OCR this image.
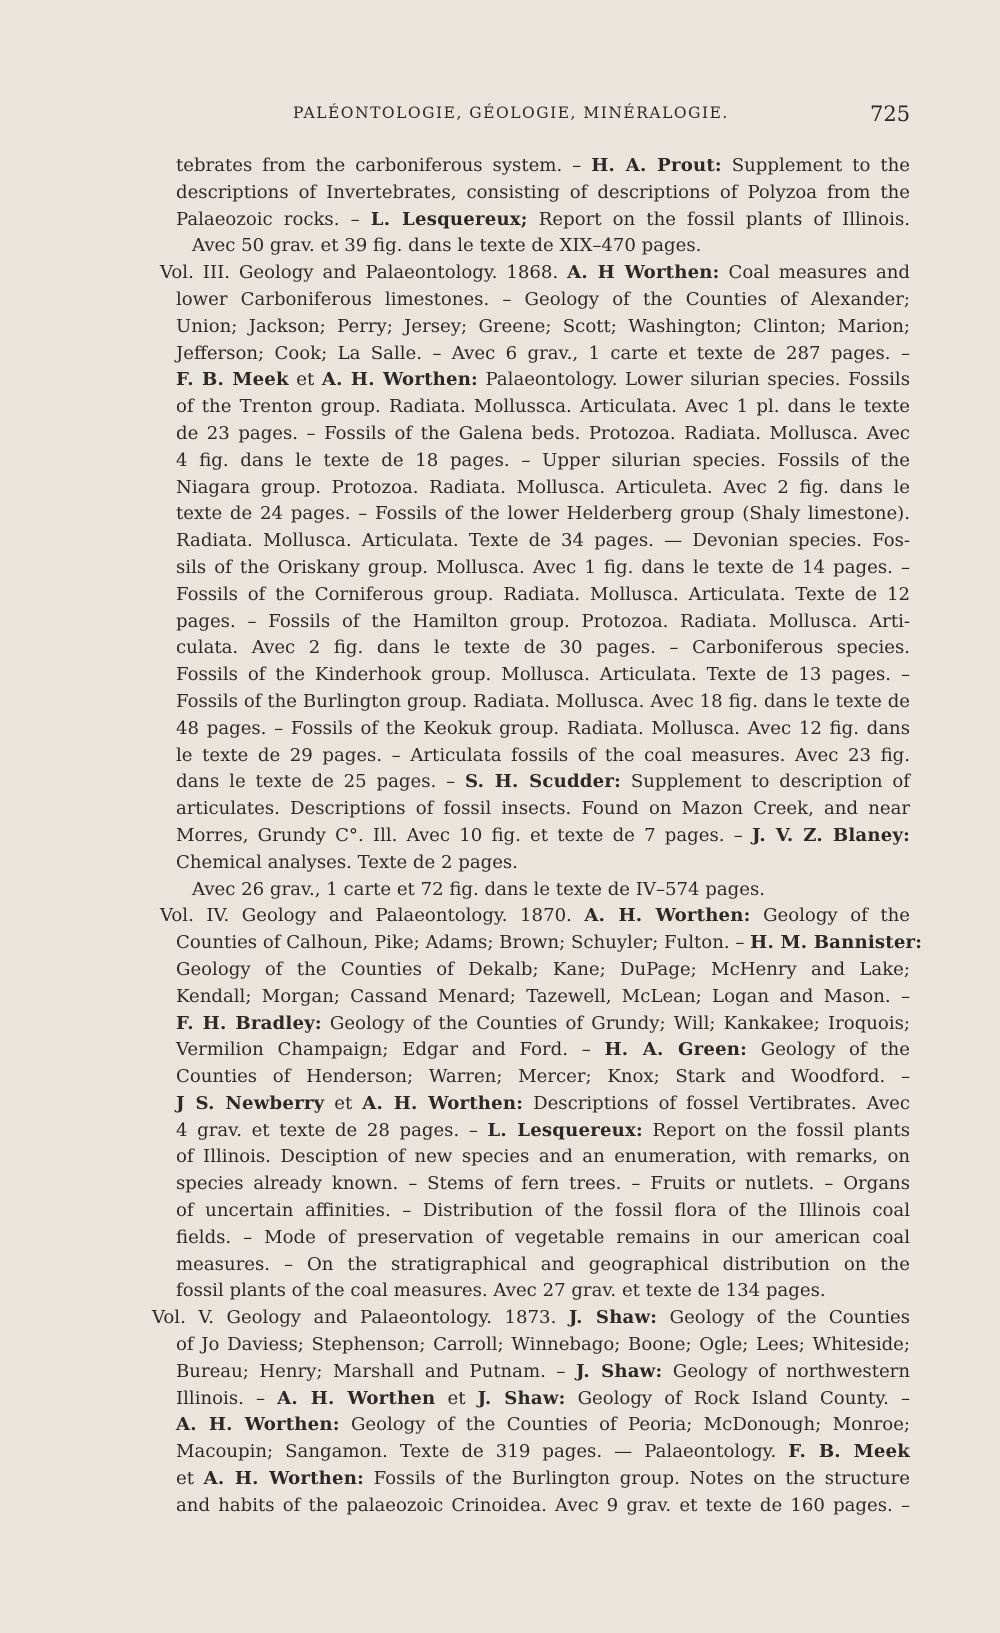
PALÉONTOLOGIE, GÉOLOGIE, MINÉRALOGIE.	725
tebrates from the carboniferous system. – H. A. Prout: Supplement to the
descriptions of Invertebrates, consisting of descriptions of Polyzoa from the
Palaeozoic rocks. – L. Lesquereux; Report on the fossil plants of Illinois.
Avec 50 grav. et 39 fig. dans le texte de XIX–470 pages.
Vol. III. Geology and Palaeontology. 1868. A. H Worthen: Coal measures and
lower Carboniferous limestones. – Geology of the Counties of Alexander;
Union; Jackson; Perry; Jersey; Greene; Scott; Washington; Clinton; Marion;
Jefferson; Cook; La Salle. – Avec 6 grav., 1 carte et texte de 287 pages. –
F. B. Meek et A. H. Worthen: Palaeontology. Lower silurian species. Fossils
of the Trenton group. Radiata. Mollussca. Articulata. Avec 1 pl. dans le texte
de 23 pages. – Fossils of the Galena beds. Protozoa. Radiata. Mollusca. Avec
4 fig. dans le texte de 18 pages. – Upper silurian species. Fossils of the
Niagara group. Protozoa. Radiata. Mollusca. Articuleta. Avec 2 fig. dans le
texte de 24 pages. – Fossils of the lower Helderberg group (Shaly limestone).
Radiata. Mollusca. Articulata. Texte de 34 pages. — Devonian species. Fos-
sils of the Oriskany group. Mollusca. Avec 1 fig. dans le texte de 14 pages. –
Fossils of the Corniferous group. Radiata. Mollusca. Articulata. Texte de 12
pages. – Fossils of the Hamilton group. Protozoa. Radiata. Mollusca. Arti-
culata. Avec 2 fig. dans le texte de 30 pages. – Carboniferous species.
Fossils of the Kinderhook group. Mollusca. Articulata. Texte de 13 pages. –
Fossils of the Burlington group. Radiata. Mollusca. Avec 18 fig. dans le texte de
48 pages. – Fossils of the Keokuk group. Radiata. Mollusca. Avec 12 fig. dans
le texte de 29 pages. – Articulata fossils of the coal measures. Avec 23 fig.
dans le texte de 25 pages. – S. H. Scudder: Supplement to description of
articulates. Descriptions of fossil insects. Found on Mazon Creek, and near
Morres, Grundy C°. Ill. Avec 10 fig. et texte de 7 pages. – J. V. Z. Blaney:
Chemical analyses. Texte de 2 pages.
Avec 26 grav., 1 carte et 72 fig. dans le texte de IV–574 pages.
Vol. IV. Geology and Palaeontology. 1870. A. H. Worthen: Geology of the
Counties of Calhoun, Pike; Adams; Brown; Schuyler; Fulton. – H. M. Bannister:
Geology of the Counties of Dekalb; Kane; DuPage; McHenry and Lake;
Kendall; Morgan; Cassand Menard; Tazewell, McLean; Logan and Mason. –
F. H. Bradley: Geology of the Counties of Grundy; Will; Kankakee; Iroquois;
Vermilion Champaign; Edgar and Ford. – H. A. Green: Geology of the
Counties of Henderson; Warren; Mercer; Knox; Stark and Woodford. –
J S. Newberry et A. H. Worthen: Descriptions of fossel Vertibrates. Avec
4 grav. et texte de 28 pages. – L. Lesquereux: Report on the fossil plants
of Illinois. Desciption of new species and an enumeration, with remarks, on
species already known. – Stems of fern trees. – Fruits or nutlets. – Organs
of uncertain affinities. – Distribution of the fossil flora of the Illinois coal
fields. – Mode of preservation of vegetable remains in our american coal
measures. – On the stratigraphical and geographical distribution on the
fossil plants of the coal measures. Avec 27 grav. et texte de 134 pages.
Vol. V. Geology and Palaeontology. 1873. J. Shaw: Geology of the Counties
of Jo Daviess; Stephenson; Carroll; Winnebago; Boone; Ogle; Lees; Whiteside;
Bureau; Henry; Marshall and Putnam. – J. Shaw: Geology of northwestern
Illinois. – A. H. Worthen et J. Shaw: Geology of Rock Island County. –
A. H. Worthen: Geology of the Counties of Peoria; McDonough; Monroe;
Macoupin; Sangamon. Texte de 319 pages. — Palaeontology. F. B. Meek
et A. H. Worthen: Fossils of the Burlington group. Notes on the structure
and habits of the palaeozoic Crinoidea. Avec 9 grav. et texte de 160 pages. –
